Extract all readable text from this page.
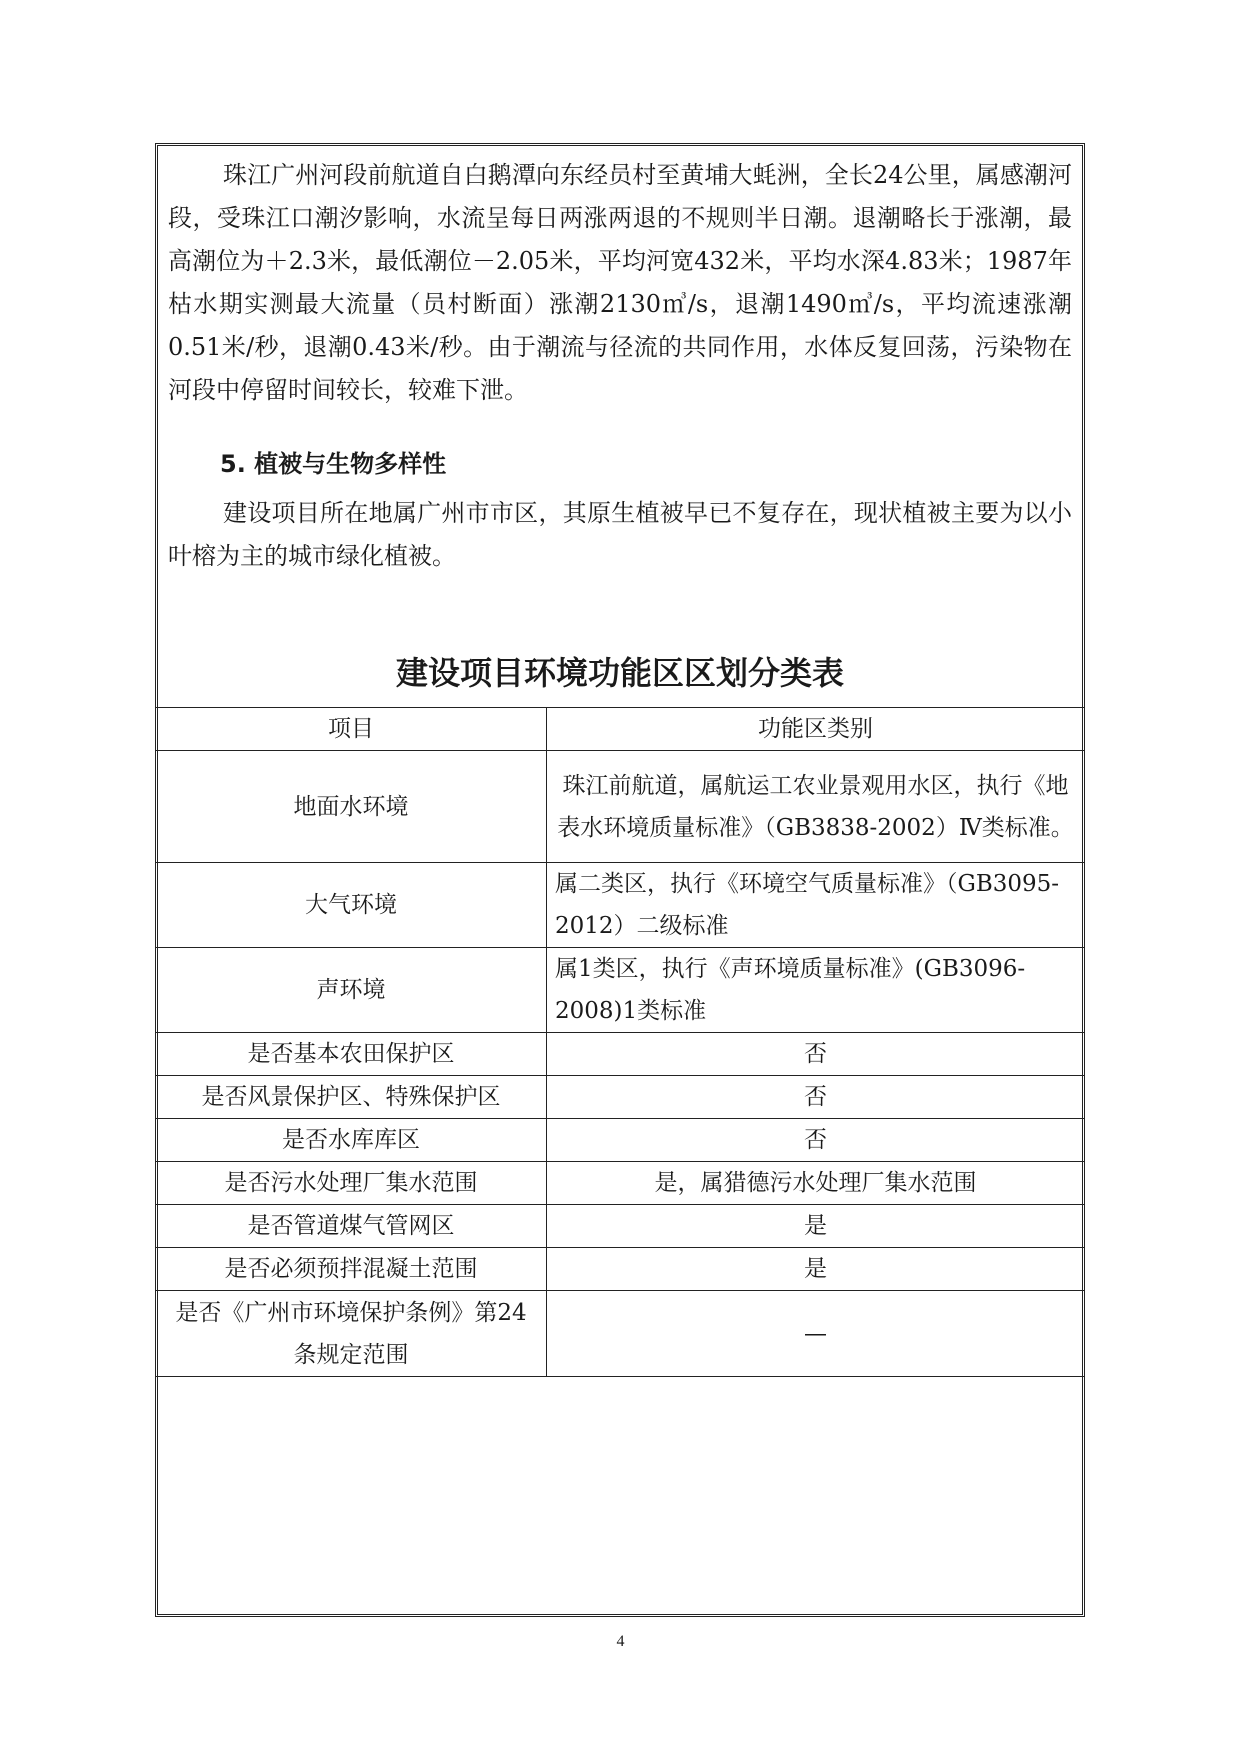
珠江广州河段前航道自白鹅潭向东经员村至黄埔大蚝洲，全长24公里，属感潮河段，受珠江口潮汐影响，水流呈每日两涨两退的不规则半日潮。退潮略长于涨潮，最高潮位为＋2.3米，最低潮位－2.05米，平均河宽432米，平均水深4.83米；1987年枯水期实测最大流量（员村断面）涨潮2130㎥/s，退潮1490㎥/s，平均流速涨潮0.51米/秒，退潮0.43米/秒。由于潮流与径流的共同作用，水体反复回荡，污染物在河段中停留时间较长，较难下泄。

5. 植被与生物多样性

建设项目所在地属广州市市区，其原生植被早已不复存在，现状植被主要为以小叶榕为主的城市绿化植被。

建设项目环境功能区区划分类表

项目	功能区类别
地面水环境	珠江前航道，属航运工农业景观用水区，执行《地表水环境质量标准》（GB3838-2002）Ⅳ类标准。
大气环境	属二类区，执行《环境空气质量标准》（GB3095-2012）二级标准
声环境	属1类区，执行《声环境质量标准》(GB3096-2008)1类标准
是否基本农田保护区	否
是否风景保护区、特殊保护区	否
是否水库库区	否
是否污水处理厂集水范围	是，属猎德污水处理厂集水范围
是否管道煤气管网区	是
是否必须预拌混凝土范围	是
是否《广州市环境保护条例》第24条规定范围	—
4
